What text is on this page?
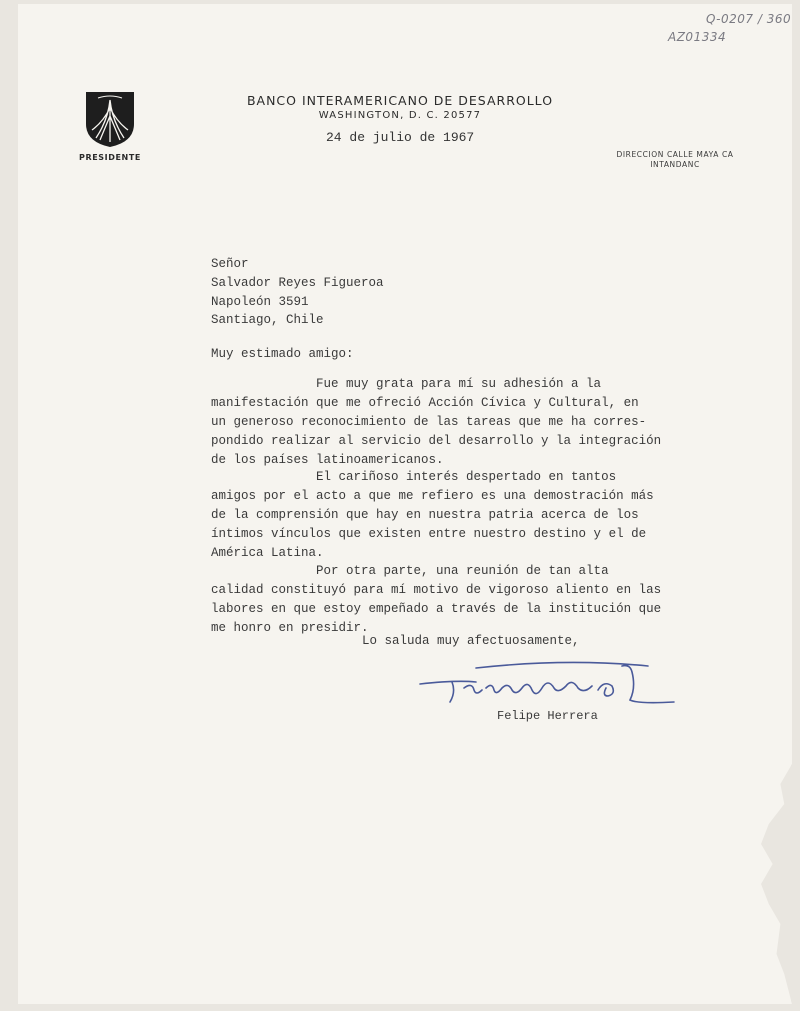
Q-0207 / 360
AZ01334
PRESIDENTE
BANCO INTERAMERICANO DE DESARROLLO
WASHINGTON, D. C. 20577
24 de julio de 1967
DIRECCION CALLE MAYA CA
INTANDANC
Señor
Salvador Reyes Figueroa
Napoleón 3591
Santiago, Chile
Muy estimado amigo:
Fue muy grata para mí su adhesión a la
manifestación que me ofreció Acción Cívica y Cultural, en
un generoso reconocimiento de las tareas que me ha corres-
pondido realizar al servicio del desarrollo y la integración
de los países latinoamericanos.
El cariñoso interés despertado en tantos
amigos por el acto a que me refiero es una demostración más
de la comprensión que hay en nuestra patria acerca de los
íntimos vínculos que existen entre nuestro destino y el de
América Latina.
Por otra parte, una reunión de tan alta
calidad constituyó para mí motivo de vigoroso aliento en las
labores en que estoy empeñado a través de la institución que
me honro en presidir.
Lo saluda muy afectuosamente,
Felipe Herrera
